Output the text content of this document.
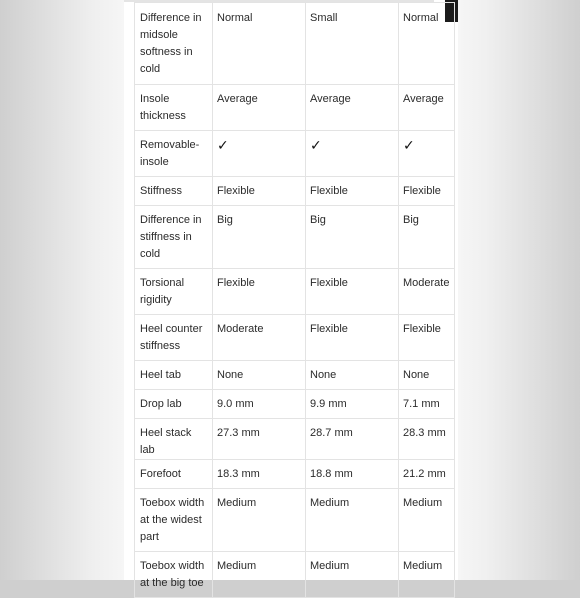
Difference in midsole softness in cold	Normal	Small	Normal
Insole thickness	Average	Average	Average
Removable-insole	✓	✓	✓
Stiffness	Flexible	Flexible	Flexible
Difference in stiffness in cold	Big	Big	Big
Torsional rigidity	Flexible	Flexible	Moderate
Heel counter stiffness	Moderate	Flexible	Flexible
Heel tab	None	None	None
Drop lab	9.0 mm	9.9 mm	7.1 mm
Heel stack lab	27.3 mm	28.7 mm	28.3 mm
Forefoot	18.3 mm	18.8 mm	21.2 mm
Toebox width at the widest part	Medium	Medium	Medium
Toebox width at the big toe	Medium	Medium	Medium
